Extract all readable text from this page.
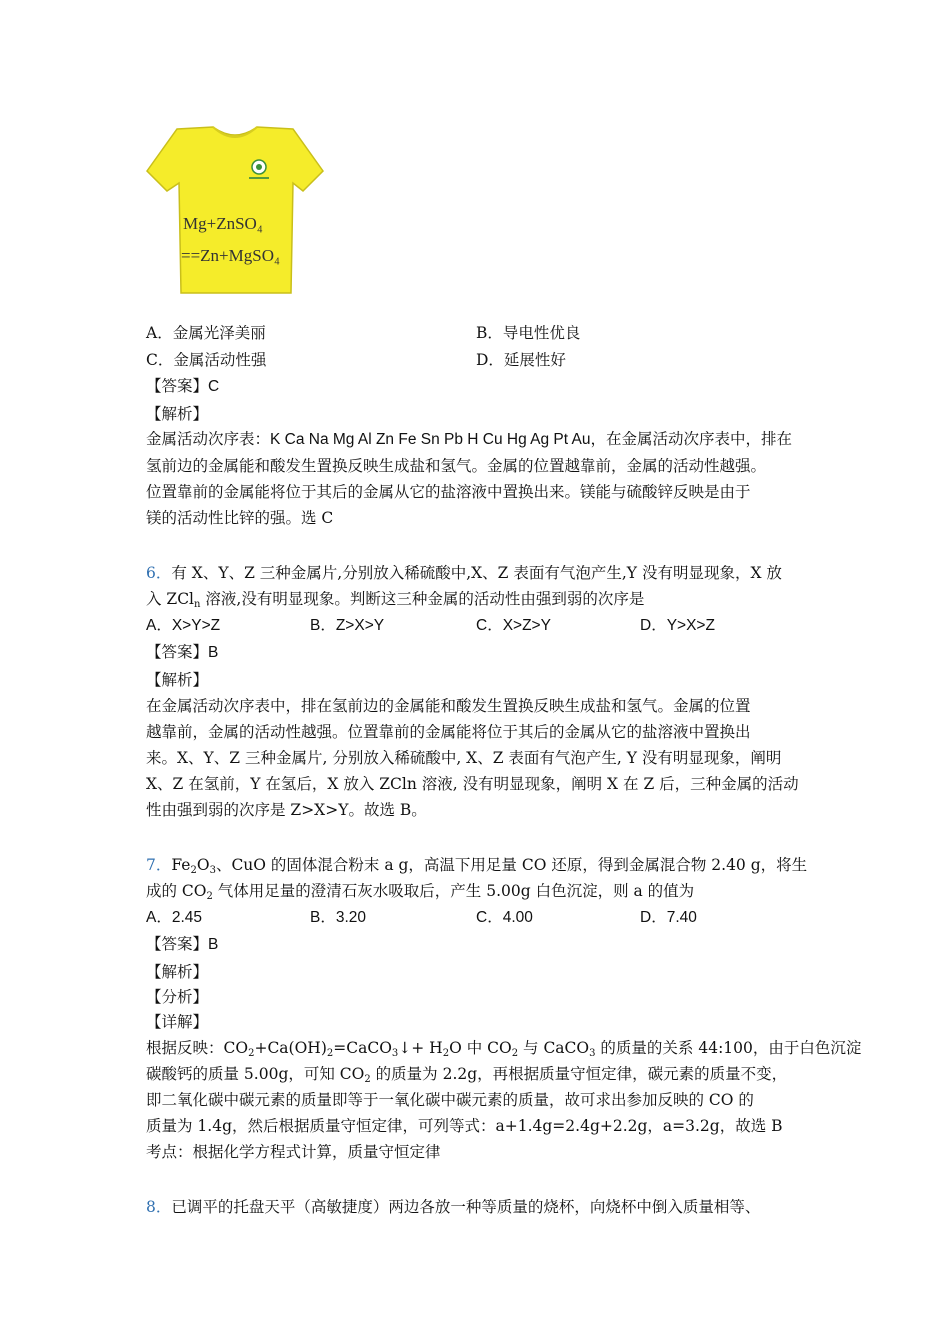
Mg+ZnSO₄
==Zn+MgSO₄
A．金属光泽美丽	B．导电性优良
C．金属活动性强	D．延展性好
【答案】C
【解析】
金属活动次序表：K Ca Na Mg Al Zn Fe Sn Pb H Cu Hg Ag Pt Au，在金属活动次序表中，排在
氢前边的金属能和酸发生置换反映生成盐和氢气。金属的位置越靠前，金属的活动性越强。
位置靠前的金属能将位于其后的金属从它的盐溶液中置换出来。镁能与硫酸锌反映是由于
镁的活动性比锌的强。选 C
6．有 X、Y、Z 三种金属片,分别放入稀硫酸中,X、Z 表面有气泡产生,Y 没有明显现象，X 放
入 ZCl$_n$ 溶液,没有明显现象。判断这三种金属的活动性由强到弱的次序是
A．X>Y>Z	B．Z>X>Y	C．X>Z>Y	D．Y>X>Z
【答案】B
【解析】
在金属活动次序表中，排在氢前边的金属能和酸发生置换反映生成盐和氢气。金属的位置
越靠前，金属的活动性越强。位置靠前的金属能将位于其后的金属从它的盐溶液中置换出
来。X、Y、Z 三种金属片, 分别放入稀硫酸中, X、Z 表面有气泡产生, Y 没有明显现象，阐明
X、Z 在氢前，Y 在氢后，X 放入 ZCln 溶液, 没有明显现象，阐明 X 在 Z 后，三种金属的活动
性由强到弱的次序是 Z>X>Y。故选 B。
7．$Fe_2O_3$、CuO 的固体混合粉末 a g，高温下用足量 CO 还原，得到金属混合物 2.40 g，将生
成的 $CO_2$ 气体用足量的澄清石灰水吸取后，产生 5.00g 白色沉淀，则 a 的值为
A．2.45	B．3.20	C．4.00	D．7.40
【答案】B
【解析】
【分析】
【详解】
根据反映：$CO_2+Ca(OH)_2=CaCO_3↓+ H_2O$ 中 $CO_2$ 与 CaCO$_3$ 的质量的关系 44:100，由于白色沉淀
碳酸钙的质量 5.00g，可知 $CO_2$ 的质量为 2.2g，再根据质量守恒定律，碳元素的质量不变，
即二氧化碳中碳元素的质量即等于一氧化碳中碳元素的质量，故可求出参加反映的 CO 的
质量为 1.4g，然后根据质量守恒定律，可列等式：a+1.4g=2.4g+2.2g，a=3.2g，故选 B
考点：根据化学方程式计算，质量守恒定律
8．已调平的托盘天平（高敏捷度）两边各放一种等质量的烧杯，向烧杯中倒入质量相等、
